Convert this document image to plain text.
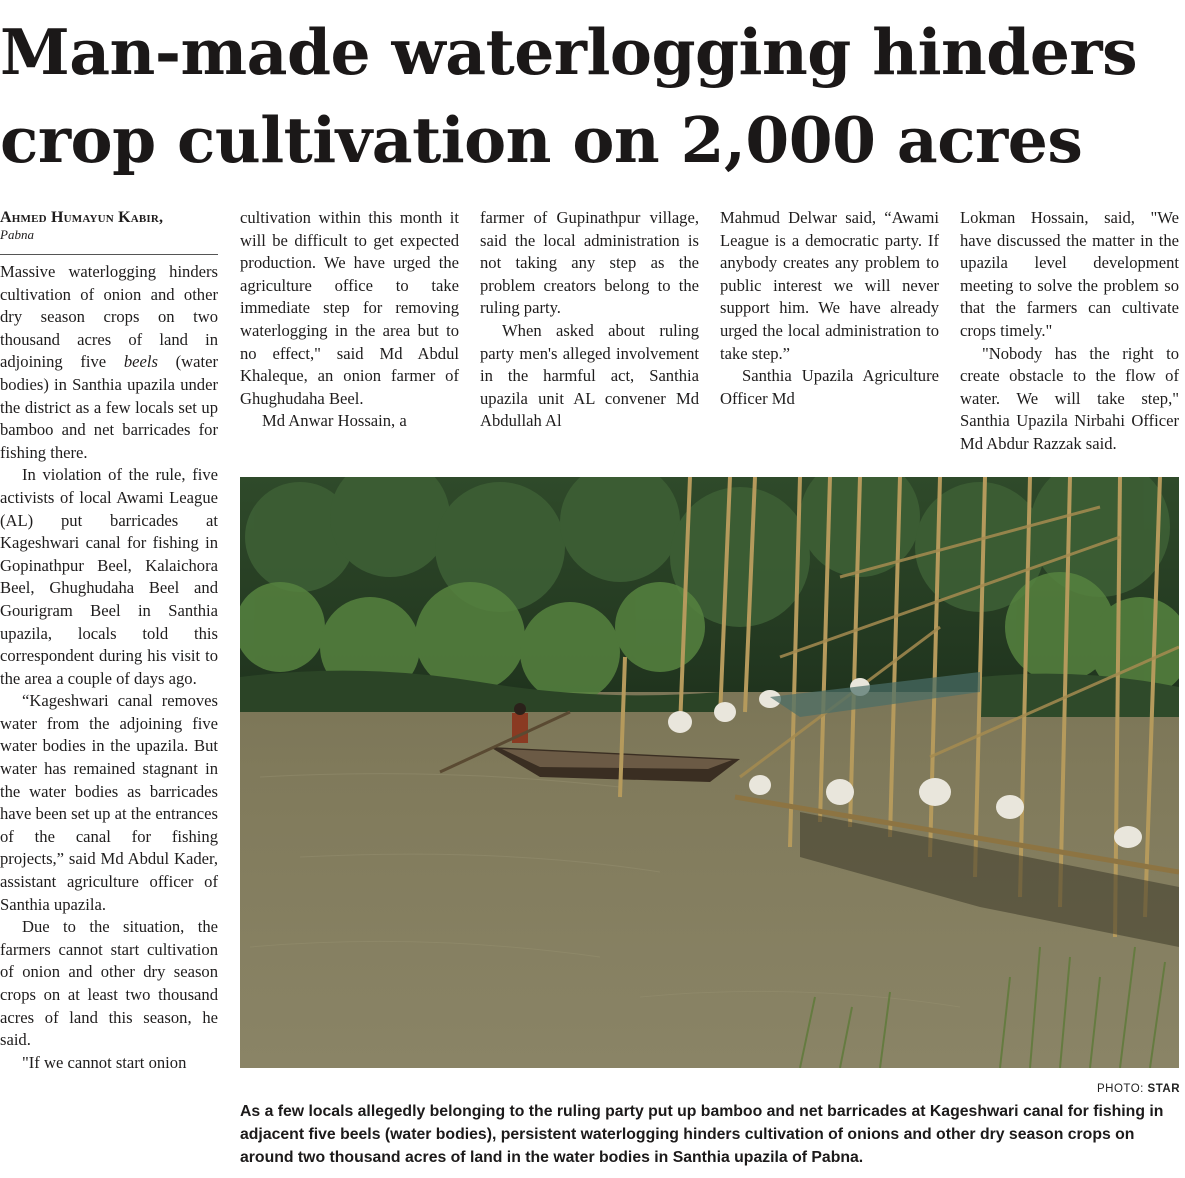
Man-made waterlogging hinders
crop cultivation on 2,000 acres
Ahmed Humayun Kabir,
Pabna

Massive waterlogging hinders cultivation of onion and other dry season crops on two thousand acres of land in adjoining five beels (water bodies) in Santhia upazila under the district as a few locals set up bamboo and net barricades for fishing there.

In violation of the rule, five activists of local Awami League (AL) put barricades at Kageshwari canal for fishing in Gopinathpur Beel, Kalaichora Beel, Ghughudaha Beel and Gourigram Beel in Santhia upazila, locals told this correspondent during his visit to the area a couple of days ago.

“Kageshwari canal removes water from the adjoining five water bodies in the upazila. But water has remained stagnant in the water bodies as barricades have been set up at the entrances of the canal for fishing projects,” said Md Abdul Kader, assistant agriculture officer of Santhia upazila.

Due to the situation, the farmers cannot start cultivation of onion and other dry season crops on at least two thousand acres of land this season, he said.

"If we cannot start onion

cultivation within this month it will be difficult to get expected production. We have urged the agriculture office to take immediate step for removing waterlogging in the area but to no effect," said Md Abdul Khaleque, an onion farmer of Ghughudaha Beel.

Md Anwar Hossain, a

farmer of Gupinathpur village, said the local administration is not taking any step as the problem creators belong to the ruling party.

When asked about ruling party men's alleged involvement in the harmful act, Santhia upazila unit AL convener Md Abdullah Al

Mahmud Delwar said, “Awami League is a democratic party. If anybody creates any problem to public interest we will never support him. We have already urged the local administration to take step.”

Santhia Upazila Agriculture Officer Md

Lokman Hossain, said, "We have discussed the matter in the upazila level development meeting to solve the problem so that the farmers can cultivate crops timely."

"Nobody has the right to create obstacle to the flow of water. We will take step," Santhia Upazila Nirbahi Officer Md Abdur Razzak said.

PHOTO: STAR
As a few locals allegedly belonging to the ruling party put up bamboo and net barricades at Kageshwari canal for fishing in adjacent five beels (water bodies), persistent waterlogging hinders cultivation of onions and other dry season crops on around two thousand acres of land in the water bodies in Santhia upazila of Pabna.
